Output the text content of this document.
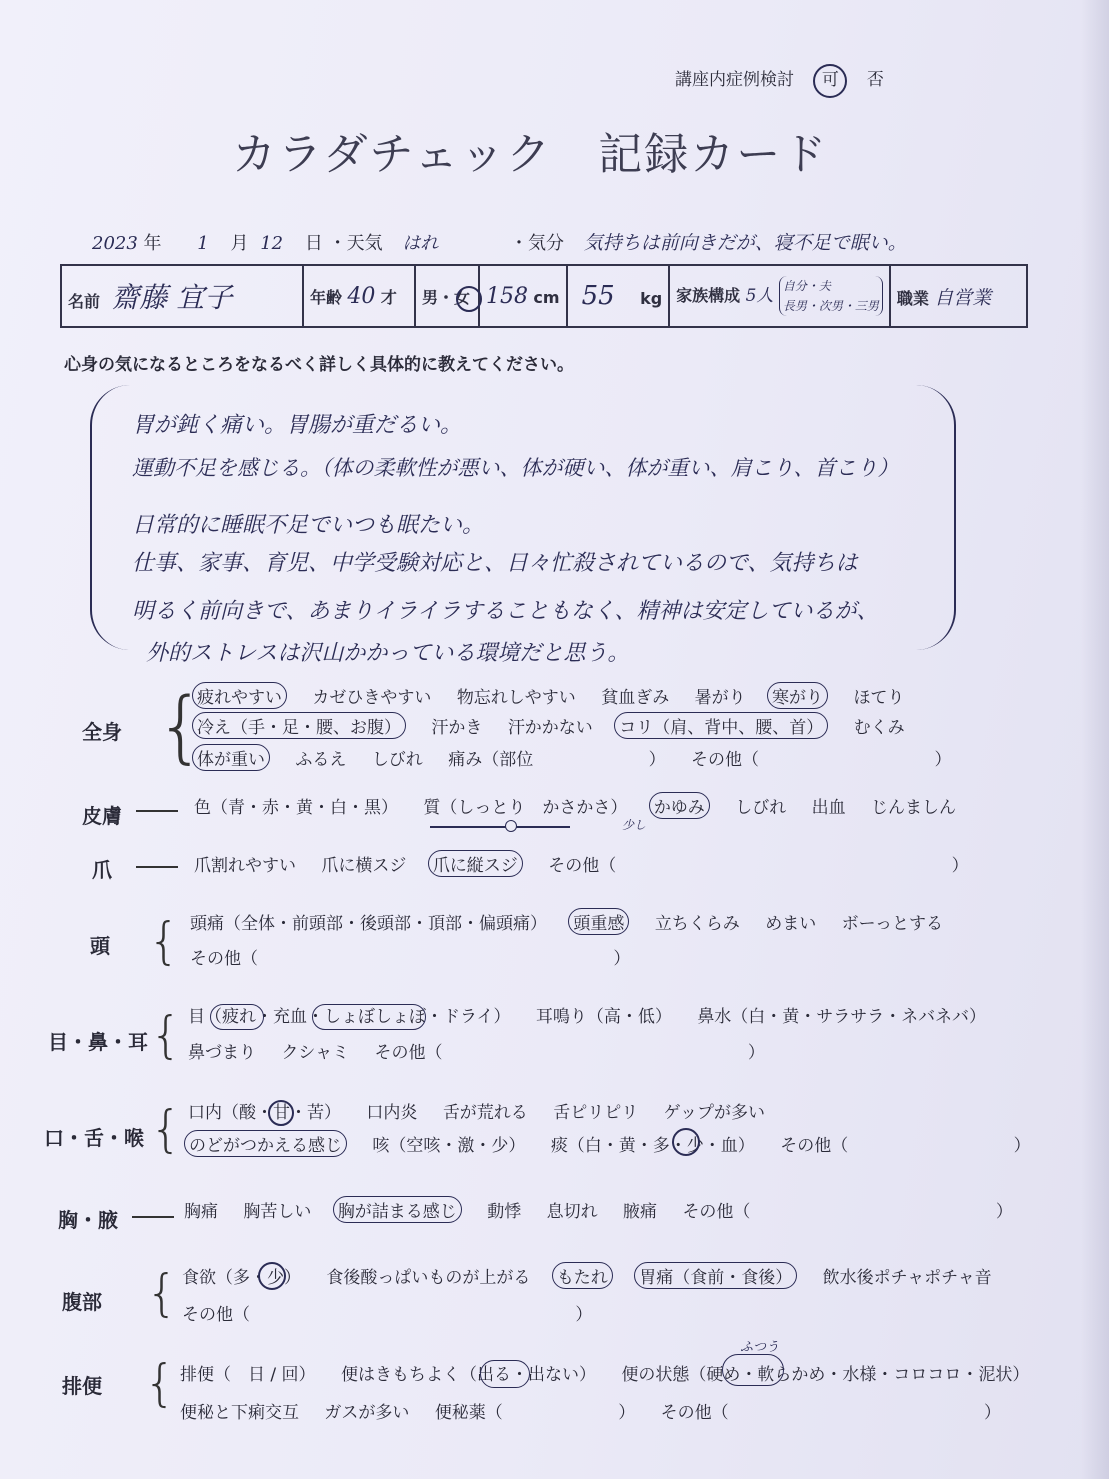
講座内症例検討 可 否
カラダチェック　記録カード
2023 年 1 月 12 日 ・天気 はれ	・気分 気持ちは前向きだが、寝不足で眠い。
名前 齋藤 宜子	年齢 40 才	男・女	158 cm	55 kg	家族構成 5人 自分・夫
長男・次男・三男	職業 自営業
心身の気になるところをなるべく詳しく具体的に教えてください。
胃が鈍く痛い。胃腸が重だるい。
運動不足を感じる。（体の柔軟性が悪い、体が硬い、体が重い、肩こり、首こり）
日常的に睡眠不足でいつも眠たい。
仕事、家事、育児、中学受験対応と、日々忙殺されているので、気持ちは
明るく前向きで、あまりイライラすることもなく、精神は安定しているが、
外的ストレスは沢山かかっている環境だと思う。
全身 {
疲れやすい カゼひきやすい 物忘れしやすい 貧血ぎみ 暑がり 寒がり ほてり
冷え（手・足・腰、お腹） 汗かき 汗かかない コリ（肩、背中、腰、首） むくみ
体が重い ふるえ しびれ 痛み（部位	） その他（	）
皮膚	色（青・赤・黄・白・黒） 質（しっとり　かさかさ） かゆみ しびれ 出血 じんましん
少し
爪	爪割れやすい 爪に横スジ 爪に縦スジ その他（	）
頭 { 頭痛（全体・前頭部・後頭部・頂部・偏頭痛） 頭重感 立ちくらみ めまい ボーっとする
その他（	）
目・鼻・耳 { 目（疲れ・充血・しょぼしょぼ・ドライ） 耳鳴り（高・低） 鼻水（白・黄・サラサラ・ネバネバ）
鼻づまり クシャミ その他（	）
口・舌・喉 { 口内（酸・甘・苦） 口内炎 舌が荒れる 舌ピリピリ ゲップが多い
のどがつかえる感じ 咳（空咳・激・少） 痰（白・黄・多・少・血） その他（	）
胸・腋	胸痛 胸苦しい 胸が詰まる感じ 動悸 息切れ 腋痛 その他（	）
腹部 { 食欲（多・少） 食後酸っぱいものが上がる もたれ 胃痛（食前・食後） 飲水後ポチャポチャ音
その他（	）
排便 {
ふつう
排便（　日 / 回） 便はきもちよく（出る・出ない） 便の状態（硬め・軟らかめ・水様・コロコロ・泥状）
便秘と下痢交互 ガスが多い 便秘薬（	） その他（	）
